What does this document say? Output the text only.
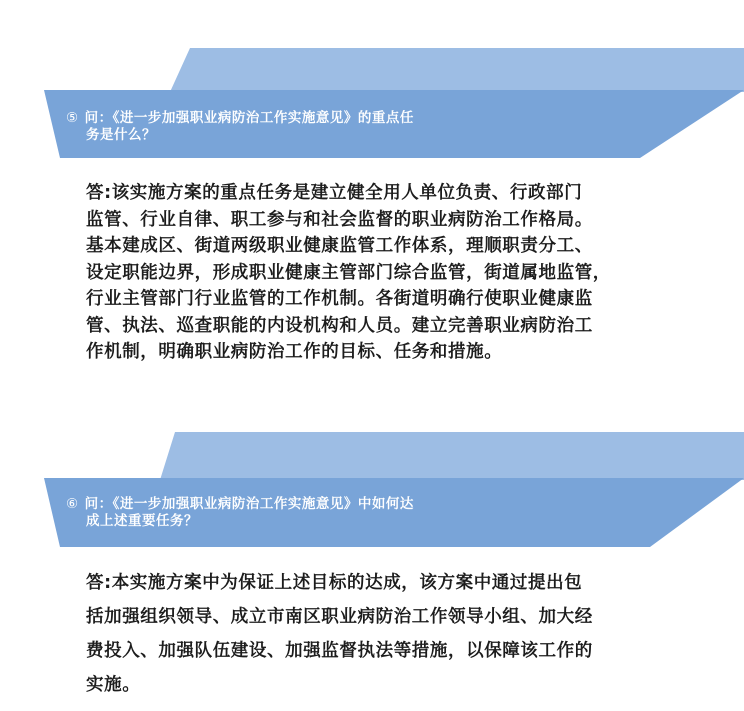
⑤ 问：《进一步加强职业病防治工作实施意见》的重点任
务是什么？
答:该实施方案的重点任务是建立健全用人单位负责、行政部门
监管、行业自律、职工参与和社会监督的职业病防治工作格局。
基本建成区、街道两级职业健康监管工作体系，理顺职责分工、
设定职能边界，形成职业健康主管部门综合监管，街道属地监管，
行业主管部门行业监管的工作机制。各街道明确行使职业健康监
管、执法、巡查职能的内设机构和人员。建立完善职业病防治工
作机制，明确职业病防治工作的目标、任务和措施。
⑥ 问：《进一步加强职业病防治工作实施意见》中如何达
成上述重要任务？
答:本实施方案中为保证上述目标的达成，该方案中通过提出包
括加强组织领导、成立市南区职业病防治工作领导小组、加大经
费投入、加强队伍建设、加强监督执法等措施，以保障该工作的
实施。
